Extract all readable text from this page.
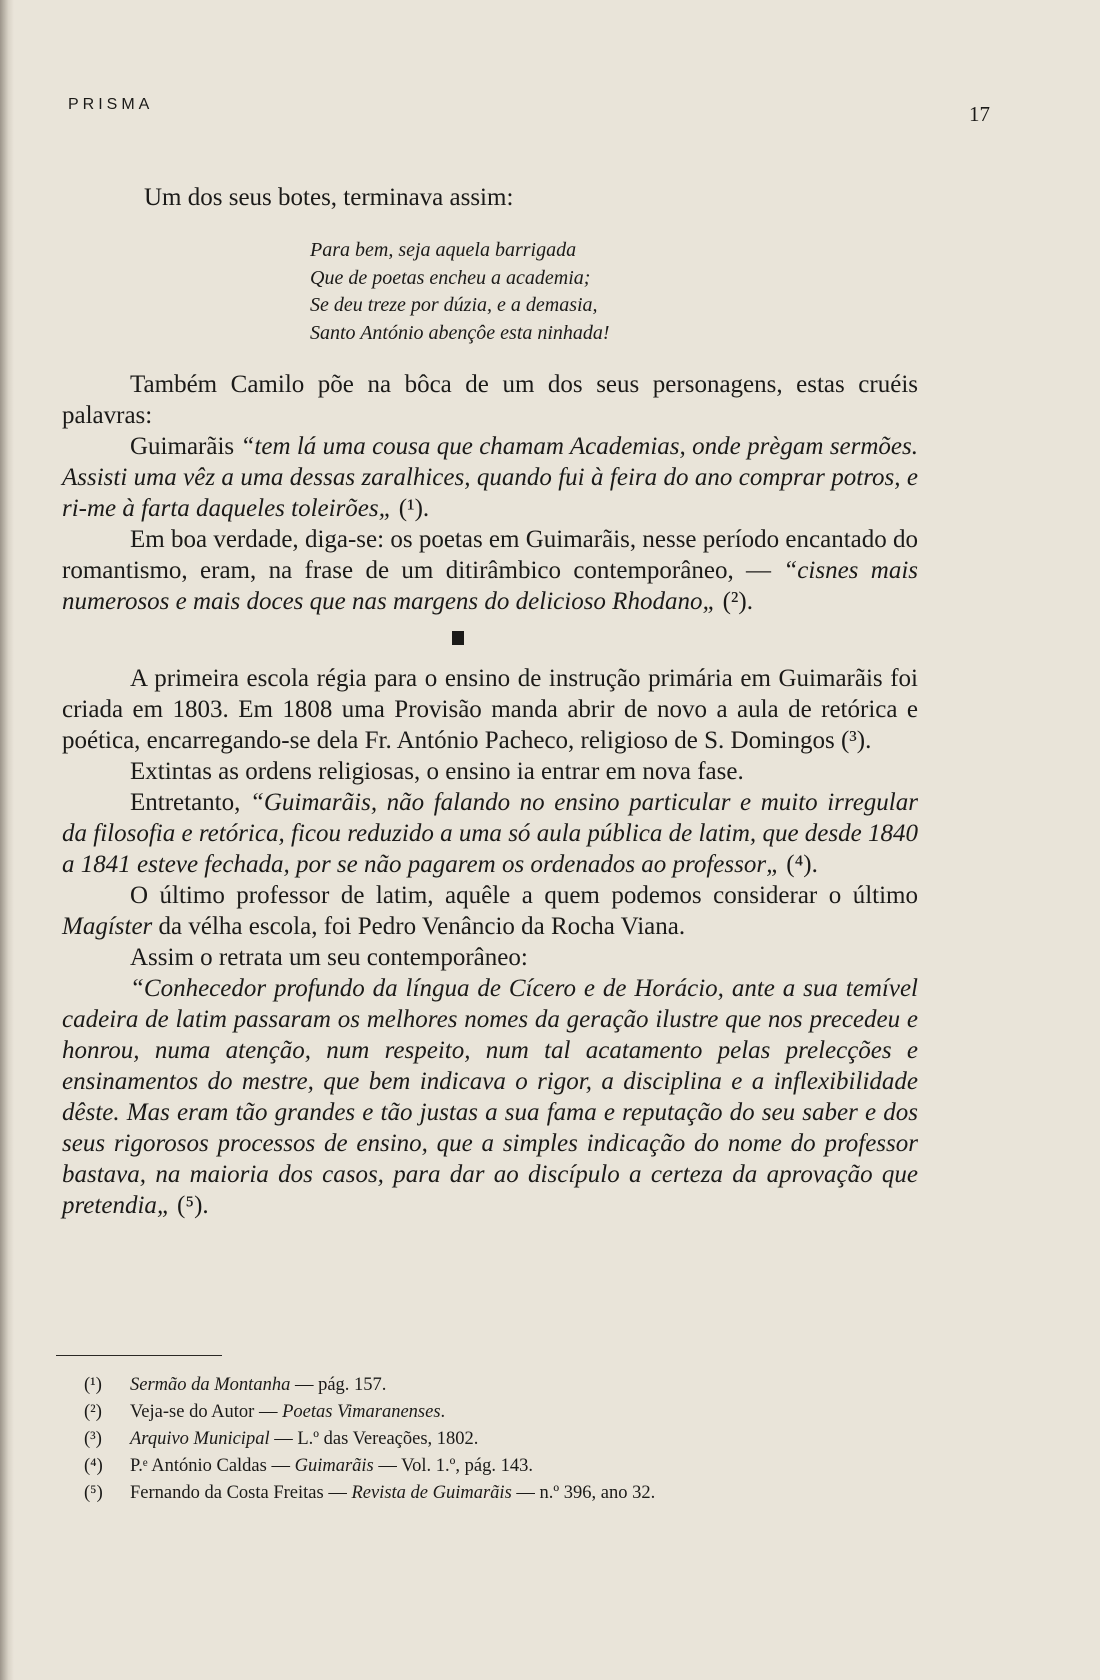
PRISMA	17

Um dos seus botes, terminava assim:

Para bem, seja aquela barrigada
Que de poetas encheu a academia;
Se deu treze por dúzia, e a demasia,
Santo António abençôe esta ninhada!

Também Camilo põe na bôca de um dos seus personagens, estas cruéis palavras:

Guimarãis “tem lá uma cousa que chamam Academias, onde prègam sermões. Assisti uma vêz a uma dessas zaralhices, quando fui à feira do ano comprar potros, e ri-me à farta daqueles toleirões„ (¹).

Em boa verdade, diga-se: os poetas em Guimarãis, nesse período encantado do romantismo, eram, na frase de um ditirâmbico contemporâneo, — “cisnes mais numerosos e mais doces que nas margens do delicioso Rhodano„ (²).

A primeira escola régia para o ensino de instrução primária em Guimarãis foi criada em 1803. Em 1808 uma Provisão manda abrir de novo a aula de retórica e poética, encarregando-se dela Fr. António Pacheco, religioso de S. Domingos (³).

Extintas as ordens religiosas, o ensino ia entrar em nova fase.

Entretanto, “Guimarãis, não falando no ensino particular e muito irregular da filosofia e retórica, ficou reduzido a uma só aula pública de latim, que desde 1840 a 1841 esteve fechada, por se não pagarem os ordenados ao professor„ (⁴).

O último professor de latim, aquêle a quem podemos considerar o último Magíster da vélha escola, foi Pedro Venâncio da Rocha Viana.

Assim o retrata um seu contemporâneo:

“Conhecedor profundo da língua de Cícero e de Horácio, ante a sua temível cadeira de latim passaram os melhores nomes da geração ilustre que nos precedeu e honrou, numa atenção, num respeito, num tal acatamento pelas prelecções e ensinamentos do mestre, que bem indicava o rigor, a disciplina e a inflexibilidade dêste. Mas eram tão grandes e tão justas a sua fama e reputação do seu saber e dos seus rigorosos processos de ensino, que a simples indicação do nome do professor bastava, na maioria dos casos, para dar ao discípulo a certeza da aprovação que pretendia„ (⁵).

(¹) Sermão da Montanha — pág. 157.
(²) Veja-se do Autor — Poetas Vimaranenses.
(³) Arquivo Municipal — L.º das Vereações, 1802.
(⁴) P.ᵉ António Caldas — Guimarãis — Vol. 1.º, pág. 143.
(⁵) Fernando da Costa Freitas — Revista de Guimarãis — n.º 396, ano 32.
